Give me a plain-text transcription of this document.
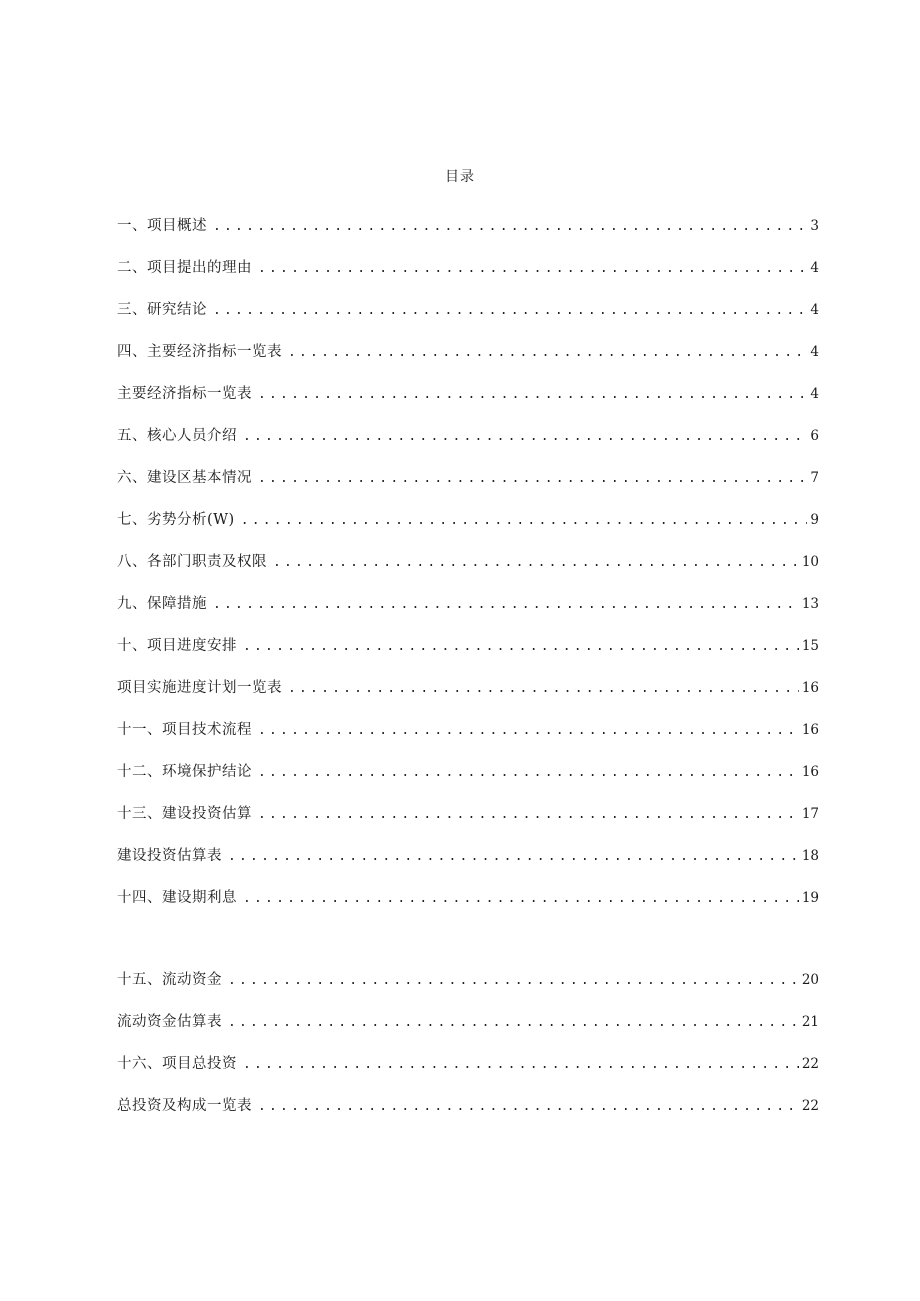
目录
一、项目概述 .....	3
二、项目提出的理由 .....	4
三、研究结论 .....	4
四、主要经济指标一览表 .....	4
主要经济指标一览表 .....	4
五、核心人员介绍 .....	6
六、建设区基本情况 .....	7
七、劣势分析(W) .....	9
八、各部门职责及权限 .....	10
九、保障措施 .....	13
十、项目进度安排 .....	15
项目实施进度计划一览表 .....	16
十一、项目技术流程 .....	16
十二、环境保护结论 .....	16
十三、建设投资估算 .....	17
建设投资估算表 .....	18
十四、建设期利息 .....	19
十五、流动资金 .....	20
流动资金估算表 .....	21
十六、项目总投资 .....	22
总投资及构成一览表 .....	22
